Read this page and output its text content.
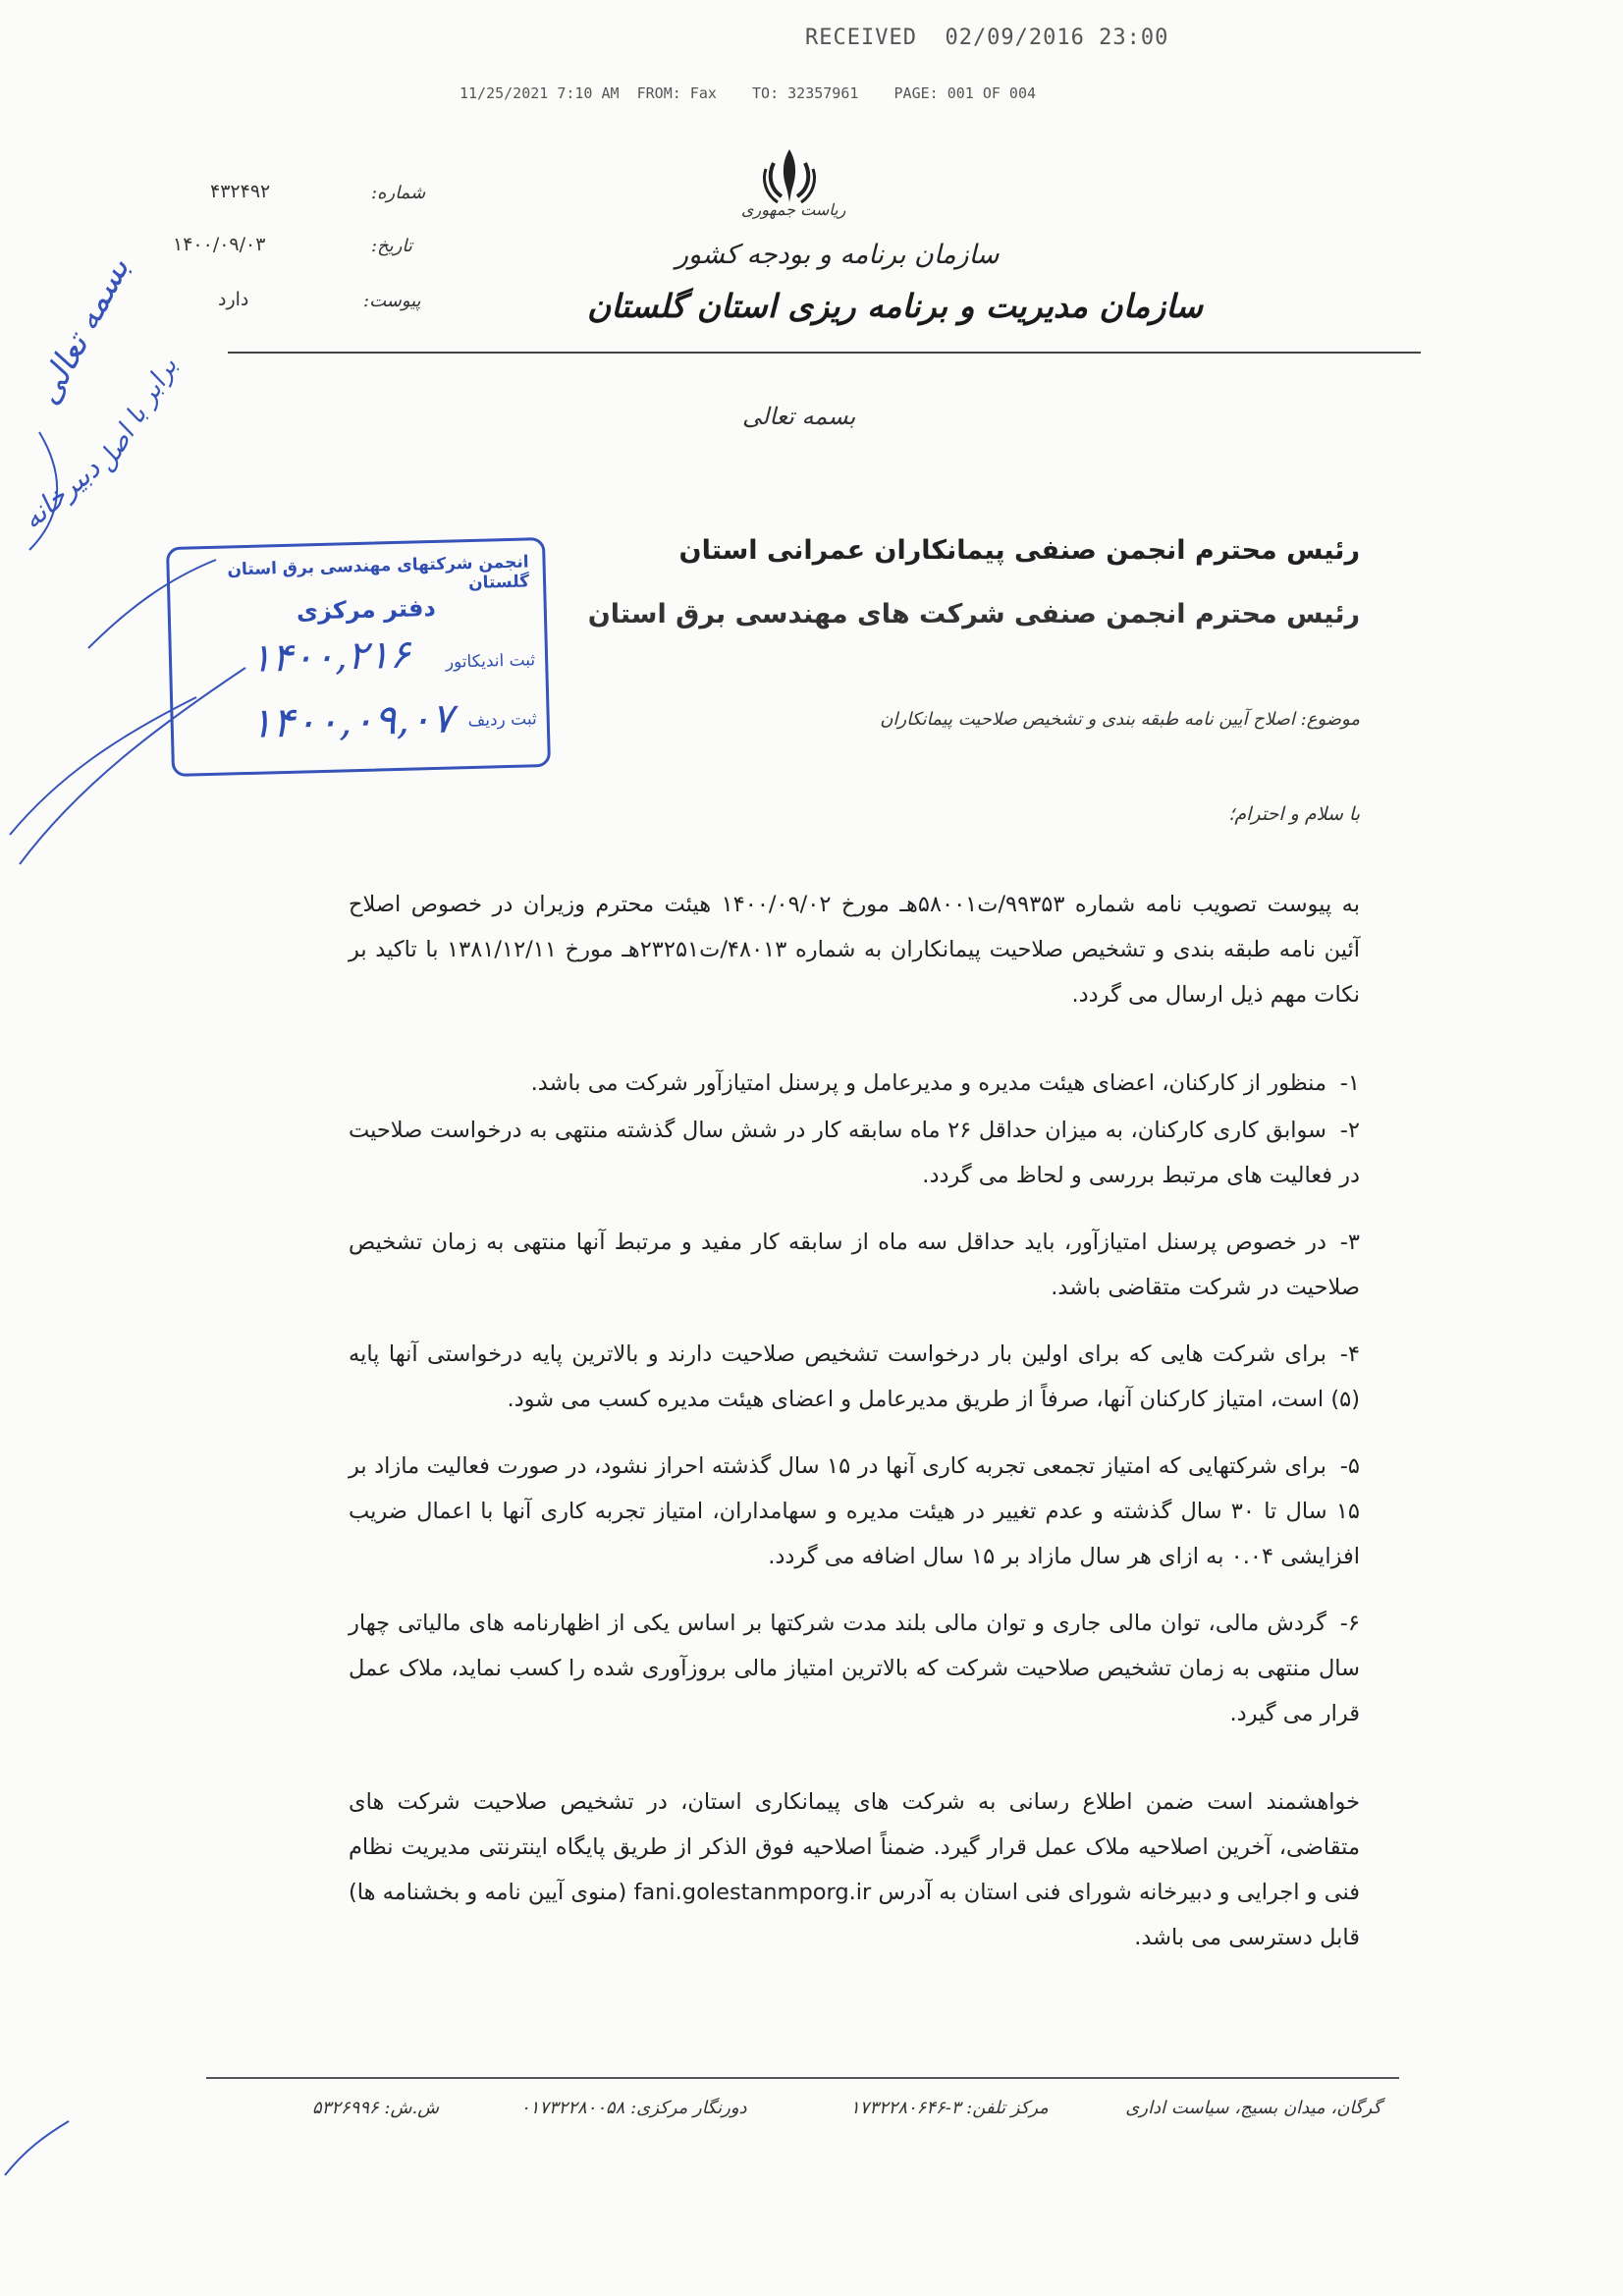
RECEIVED  02/09/2016 23:00
11/25/2021 7:10 AM  FROM: Fax    TO: 32357961    PAGE: 001 OF 004
شماره:
۴۳۲۴۹۲
تاریخ:
۱۴۰۰/۰۹/۰۳
پیوست:
دارد
ریاست جمهوری
سازمان برنامه و بودجه کشور
سازمان مدیریت و برنامه ریزی استان گلستان
بسمه تعالی
رئیس محترم انجمن صنفی پیمانکاران عمرانی استان
رئیس محترم انجمن صنفی شرکت های مهندسی برق استان
موضوع: اصلاح آیین نامه طبقه بندی و تشخیص صلاحیت پیمانکاران
با سلام و احترام؛
به پیوست تصویب نامه شماره ۹۹۳۵۳/ت۵۸۰۰۱هـ مورخ ۱۴۰۰/۰۹/۰۲ هیئت محترم وزیران در خصوص اصلاح آئین نامه طبقه بندی و تشخیص صلاحیت پیمانکاران به شماره ۴۸۰۱۳/ت۲۳۲۵۱هـ مورخ ۱۳۸۱/۱۲/۱۱ با تاکید بر نکات مهم ذیل ارسال می گردد.
۱-منظور از کارکنان، اعضای هیئت مدیره و مدیرعامل و پرسنل امتیازآور شرکت می باشد.
۲-سوابق کاری کارکنان، به میزان حداقل ۲۶ ماه سابقه کار در شش سال گذشته منتهی به درخواست صلاحیت در فعالیت های مرتبط بررسی و لحاظ می گردد.
۳-در خصوص پرسنل امتیازآور، باید حداقل سه ماه از سابقه کار مفید و مرتبط آنها منتهی به زمان تشخیص صلاحیت در شرکت متقاضی باشد.
۴-برای شرکت هایی که برای اولین بار درخواست تشخیص صلاحیت دارند و بالاترین پایه درخواستی آنها پایه (۵) است، امتیاز کارکنان آنها، صرفاً از طریق مدیرعامل و اعضای هیئت مدیره کسب می شود.
۵-برای شرکتهایی که امتیاز تجمعی تجربه کاری آنها در ۱۵ سال گذشته احراز نشود، در صورت فعالیت مازاد بر ۱۵ سال تا ۳۰ سال گذشته و عدم تغییر در هیئت مدیره و سهامداران، امتیاز تجربه کاری آنها با اعمال ضریب افزایشی ۰.۰۴ به ازای هر سال مازاد بر ۱۵ سال اضافه می گردد.
۶-گردش مالی، توان مالی جاری و توان مالی بلند مدت شرکتها بر اساس یکی از اظهارنامه های مالیاتی چهار سال منتهی به زمان تشخیص صلاحیت شرکت که بالاترین امتیاز مالی بروزآوری شده را کسب نماید، ملاک عمل قرار می گیرد.
خواهشمند است ضمن اطلاع رسانی به شرکت های پیمانکاری استان، در تشخیص صلاحیت شرکت های متقاضی، آخرین اصلاحیه ملاک عمل قرار گیرد. ضمناً اصلاحیه فوق الذکر از طریق پایگاه اینترنتی مدیریت نظام فنی و اجرایی و دبیرخانه شورای فنی استان به آدرس fani.golestanmporg.ir (منوی آیین نامه و بخشنامه ها) قابل دسترسی می باشد.
انجمن شرکتهای مهندسی برق استان گلستان
دفتر مرکزی
۱۴۰۰,۲۱۶ ثبت اندیکاتور
۱۴۰۰,۰۹,۰۷ ثبت ردیف
بسمه تعالی
برابر با اصل
دبیرخانه
گرگان، میدان بسیج، سیاست اداری
مرکز تلفن: ۳-۱۷۳۲۲۸۰۶۴۶
دورنگار مرکزی: ۰۱۷۳۲۲۸۰۰۵۸
ش.ش: ۵۳۲۶۹۹۶
